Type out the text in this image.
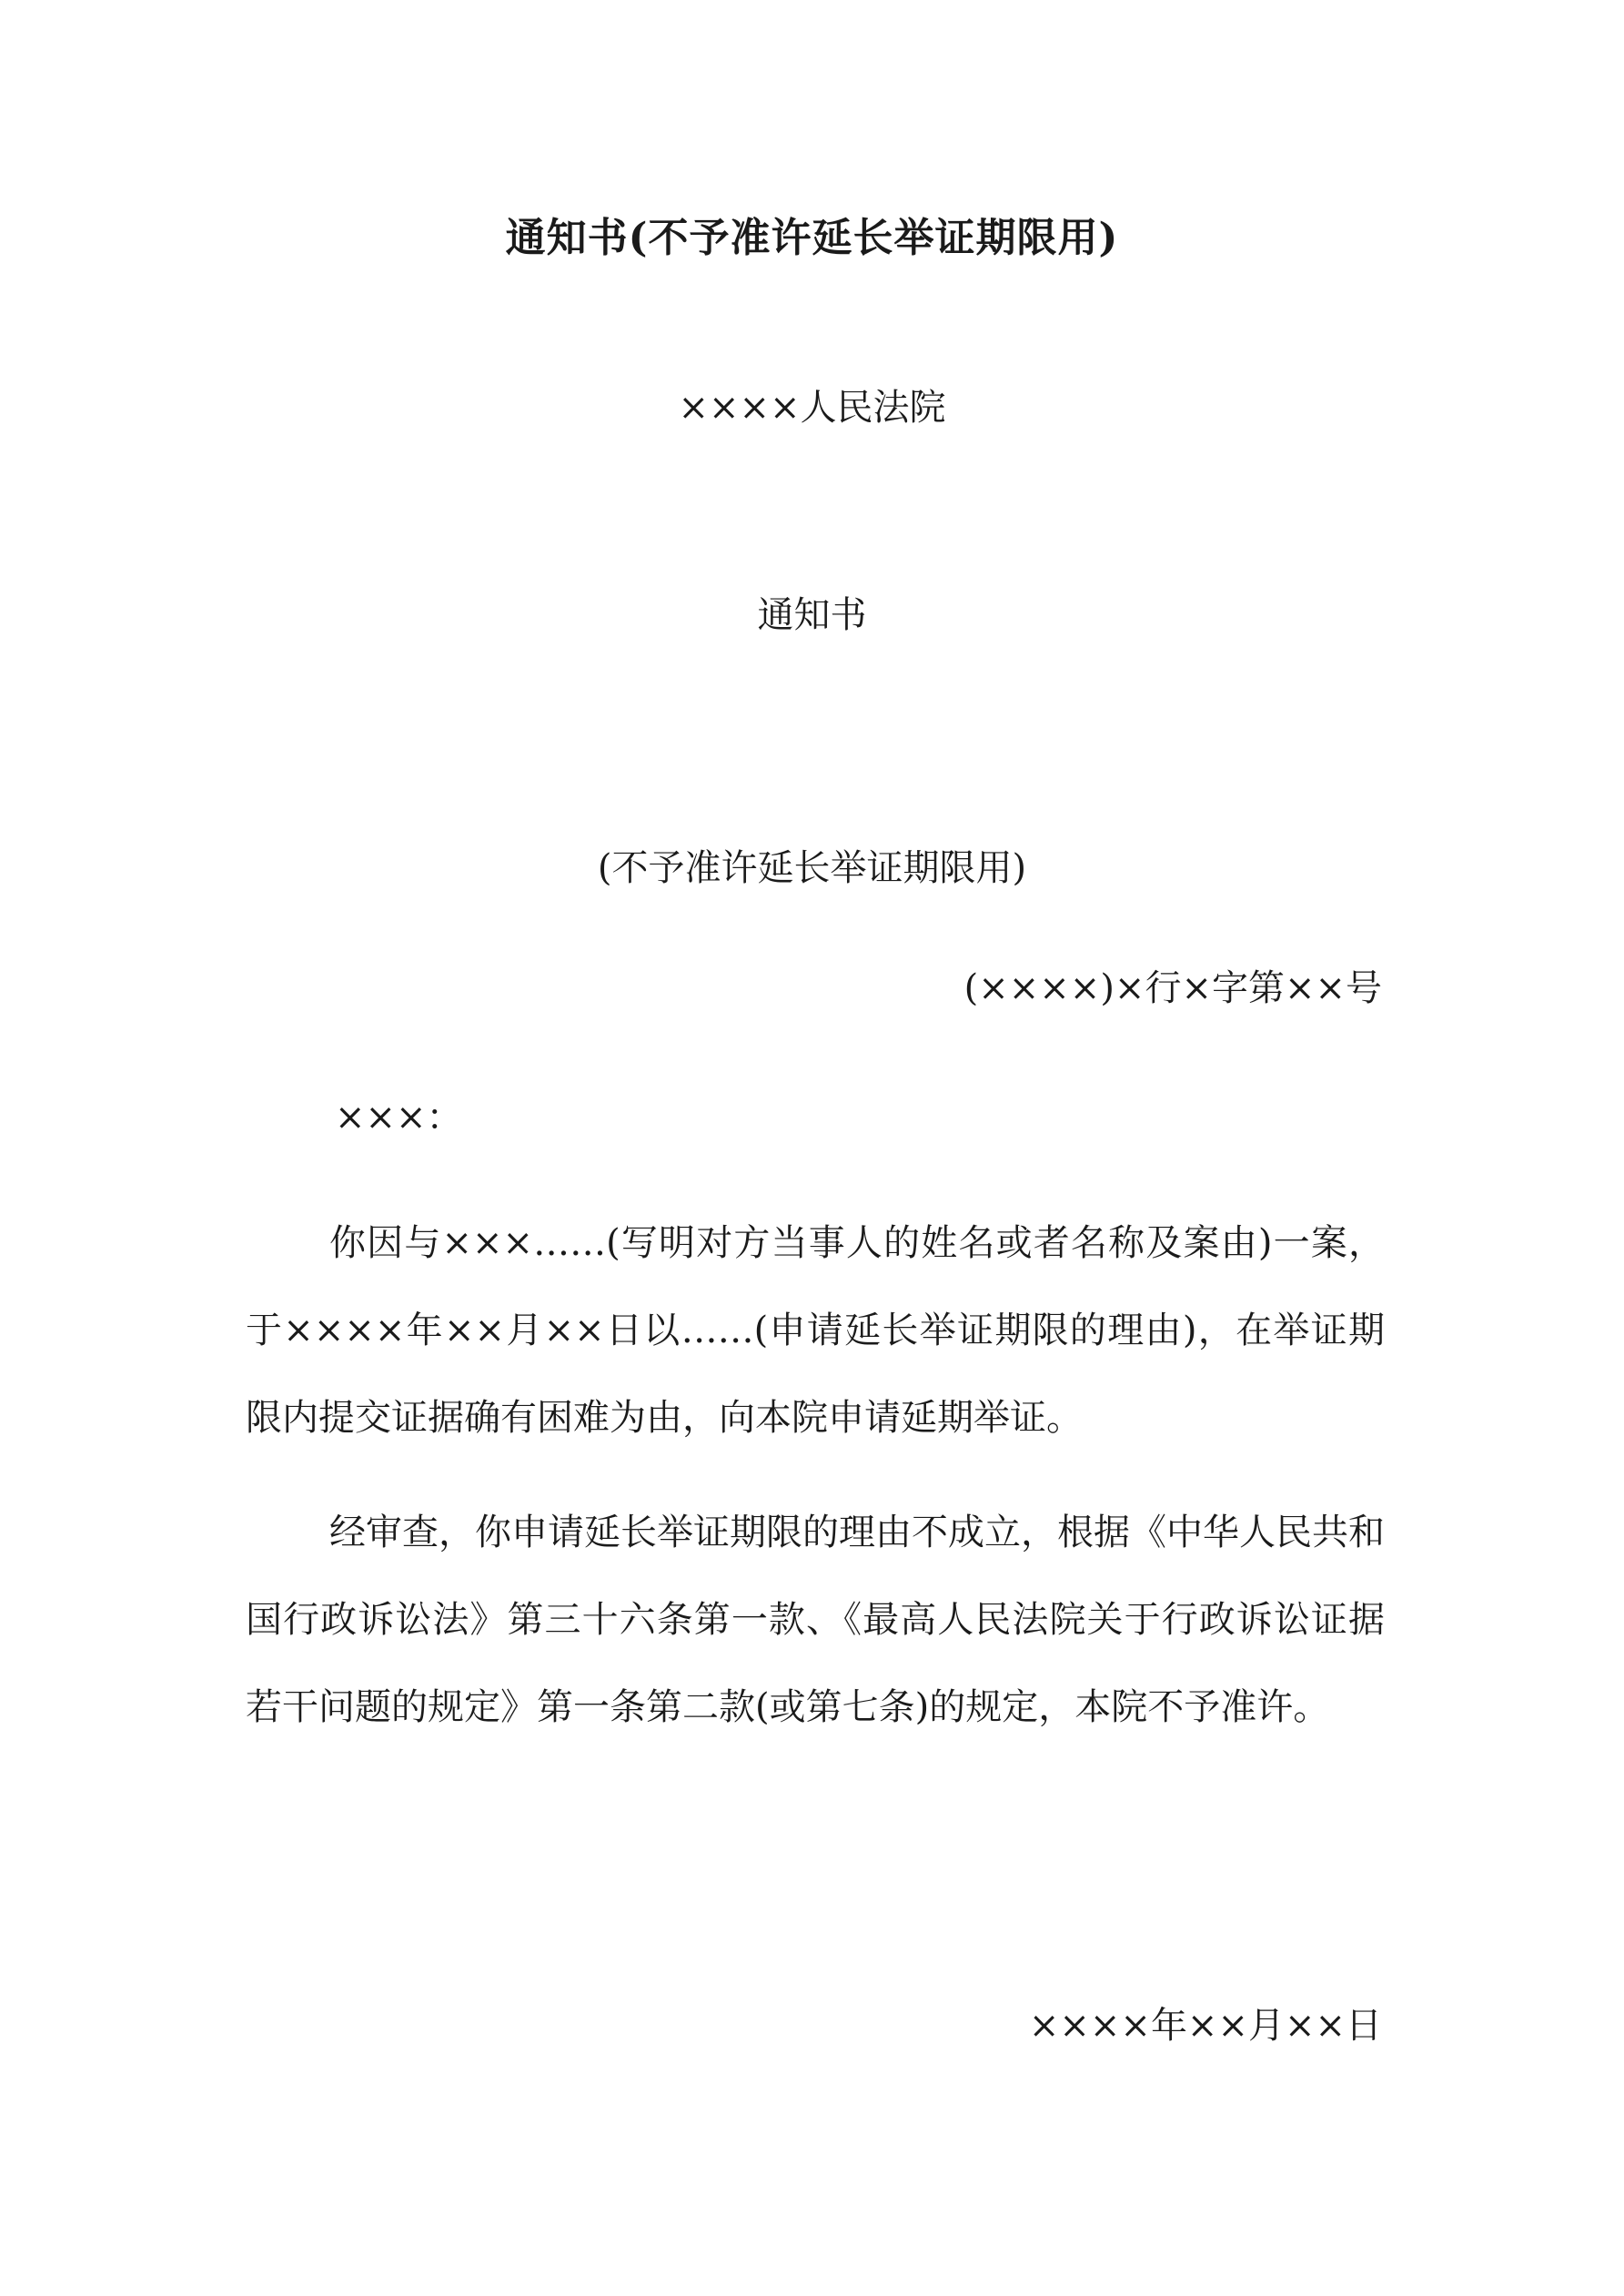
通知书(不予准许延长举证期限用)
××××人民法院
通知书
(不予准许延长举证期限用)
(××××)×行×字第××号
×××：
你因与×××……(写明对方当事人的姓名或者名称及案由)一案，于××××年××月××日以……(申请延长举证期限的理由)，在举证期限内提交证据确有困难为由，向本院申请延期举证。
经审查，你申请延长举证期限的理由不成立，根据《中华人民共和国行政诉讼法》第三十六条第一款、《最高人民法院关于行政诉讼证据若干问题的规定》第一条第二款(或第七条)的规定，本院不予准许。
××××年××月××日
